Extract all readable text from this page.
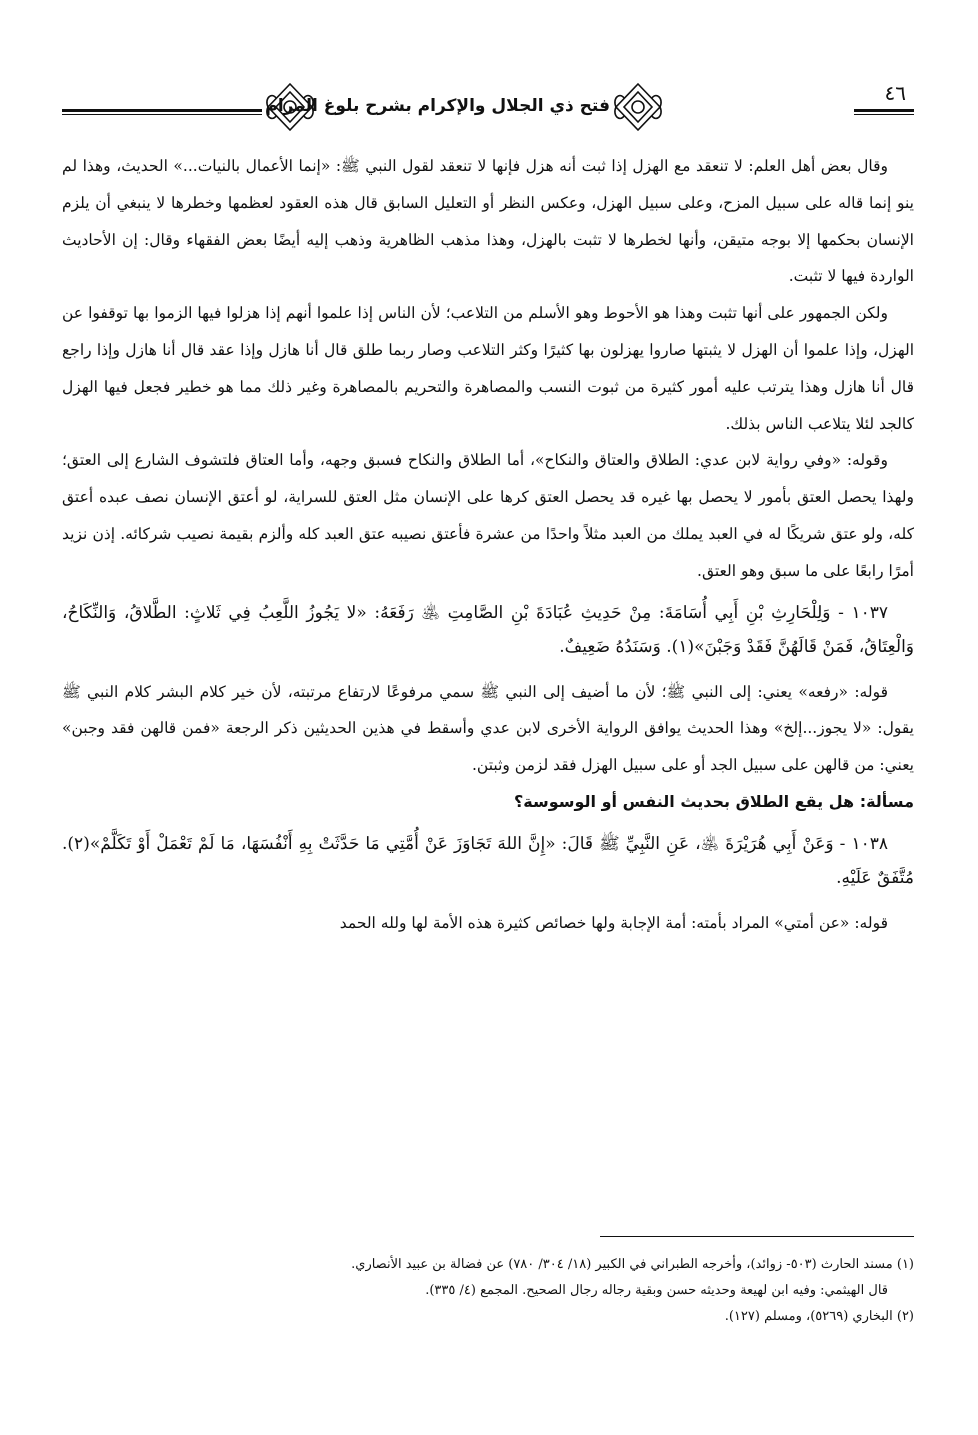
٤٦
فتح ذي الجلال والإكرام بشرح بلوغ المرام

وقال بعض أهل العلم: لا تنعقد مع الهزل إذا ثبت أنه هزل فإنها لا تنعقد لقول النبي ﷺ: «إنما الأعمال بالنيات...» الحديث، وهذا لم ينو إنما قاله على سبيل المزح، وعلى سبيل الهزل، وعكس النظر أو التعليل السابق قال هذه العقود لعظمها وخطرها لا ينبغي أن يلزم الإنسان بحكمها إلا بوجه متيقن، وأنها لخطرها لا تثبت بالهزل، وهذا مذهب الظاهرية وذهب إليه أيضًا بعض الفقهاء وقال: إن الأحاديث الواردة فيها لا تثبت.

ولكن الجمهور على أنها تثبت وهذا هو الأحوط وهو الأسلم من التلاعب؛ لأن الناس إذا علموا أنهم إذا هزلوا فيها الزموا بها توقفوا عن الهزل، وإذا علموا أن الهزل لا يثبتها صاروا يهزلون بها كثيرًا وكثر التلاعب وصار ربما طلق قال أنا هازل وإذا عقد قال أنا هازل وإذا راجع قال أنا هازل وهذا يترتب عليه أمور كثيرة من ثبوت النسب والمصاهرة والتحريم بالمصاهرة وغير ذلك مما هو خطير فجعل فيها الهزل كالجد لئلا يتلاعب الناس بذلك.

وقوله: «وفي رواية لابن عدي: الطلاق والعتاق والنكاح»، أما الطلاق والنكاح فسبق وجهه، وأما العتاق فلتشوف الشارع إلى العتق؛ ولهذا يحصل العتق بأمور لا يحصل بها غيره قد يحصل العتق كرها على الإنسان مثل العتق للسراية، لو أعتق الإنسان نصف عبده أعتق كله، ولو عتق شريكًا له في العبد يملك من العبد مثلاً واحدًا من عشرة فأعتق نصيبه عتق العبد كله وألزم بقيمة نصيب شركائه. إذن نزيد أمرًا رابعًا على ما سبق وهو العتق.

١٠٣٧ - وَلِلْحَارِثِ بْنِ أَبِي أُسَامَةَ: مِنْ حَدِيثِ عُبَادَةَ بْنِ الصَّامِتِ ﵁ رَفَعَهُ: «لا يَجُوزُ اللَّعِبُ فِي ثَلاثٍ: الطَّلاقُ، وَالنِّكَاحُ، وَالْعِتَاقُ، فَمَنْ قَالَهُنَّ فَقَدْ وَجَبْنَ»(١). وَسَنَدُهُ ضَعِيفٌ.

قوله: «رفعه» يعني: إلى النبي ﷺ؛ لأن ما أضيف إلى النبي ﷺ سمي مرفوعًا لارتفاع مرتبته، لأن خير كلام البشر كلام النبي ﷺ يقول: «لا يجوز...إلخ» وهذا الحديث يوافق الرواية الأخرى لابن عدي وأسقط في هذين الحديثين ذكر الرجعة «فمن قالهن فقد وجبن» يعني: من قالهن على سبيل الجد أو على سبيل الهزل فقد لزمن وثبتن.

مسألة: هل يقع الطلاق بحديث النفس أو الوسوسة؟

١٠٣٨ - وَعَنْ أَبِي هُرَيْرَةَ ﵁، عَنِ النَّبِيِّ ﷺ قَالَ: «إِنَّ اللهَ تَجَاوَزَ عَنْ أُمَّتِي مَا حَدَّثَتْ بِهِ أَنْفُسَهَا، مَا لَمْ تَعْمَلْ أَوْ تَكَلَّمْ»(٢). مُتَّفَقٌ عَلَيْهِ.

قوله: «عن أمتي» المراد بأمته: أمة الإجابة ولها خصائص كثيرة هذه الأمة لها ولله الحمد

(١) مسند الحارث (٥٠٣- زوائد)، وأخرجه الطبراني في الكبير (١٨/ ٣٠٤/ ٧٨٠) عن فضالة بن عبيد الأنصاري.

قال الهيثمي: وفيه ابن لهيعة وحديثه حسن وبقية رجاله رجال الصحيح. المجمع (٤/ ٣٣٥).

(٢) البخاري (٥٢٦٩)، ومسلم (١٢٧).
